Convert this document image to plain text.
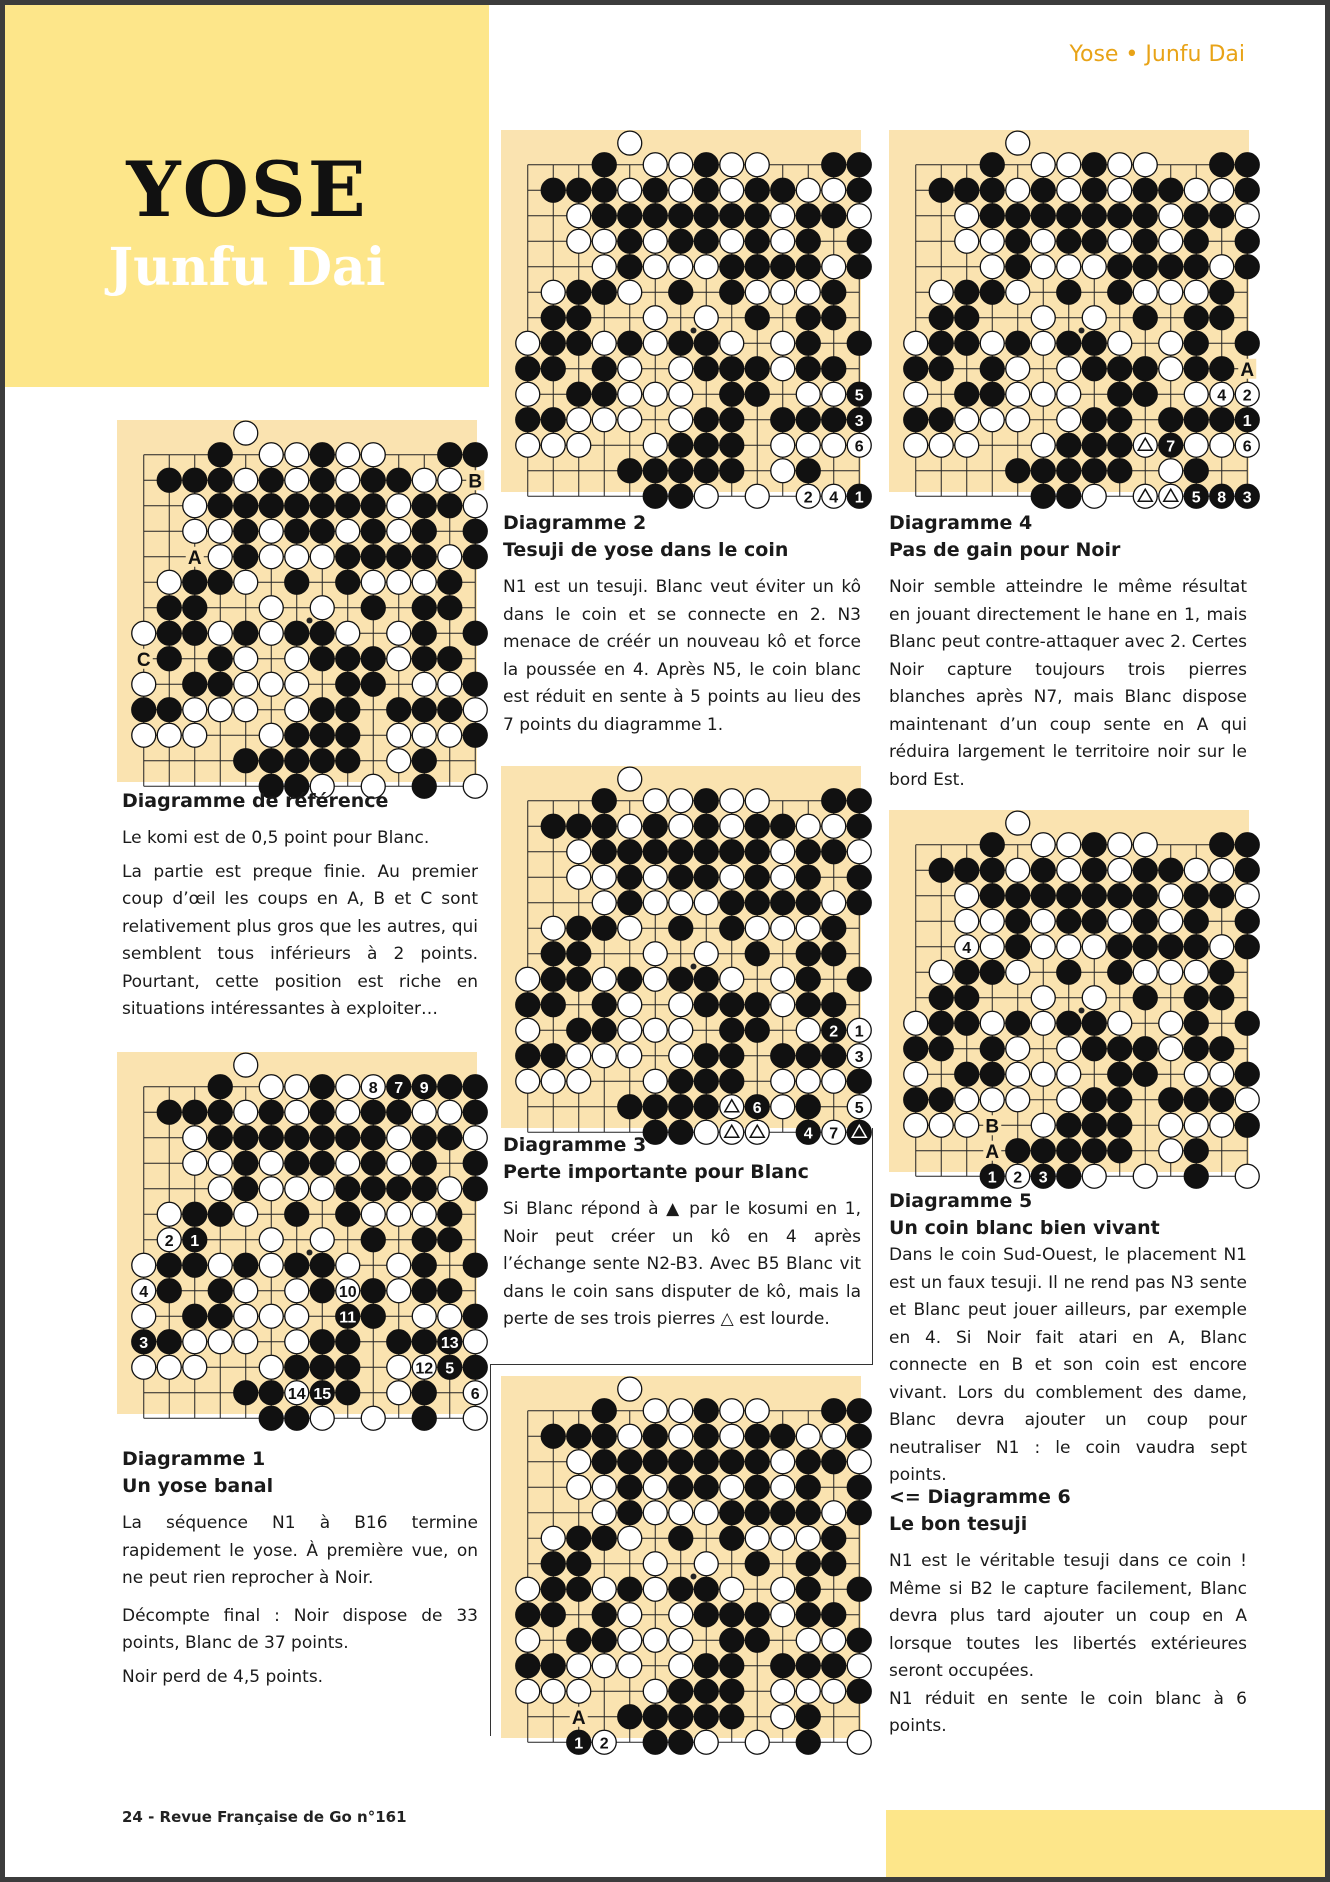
YOSE
Junfu Dai
Yose • Junfu Dai
B
A
C
8 7 9
2 1
4	10
11
3	13
12 5
14 15	6
5
3
6
2 4 1
2 1
3
6	5
4 7
A
1 2
A
4 2
1
7	6
5 8 3
4
B
A
1 2 3
Diagramme de référence

Le komi est de 0,5 point pour Blanc.

La partie est preque finie. Au premier coup d’œil les coups en A, B et C sont relativement plus gros que les autres, qui semblent tous inférieurs à 2 points. Pourtant, cette position est riche en situations intéressantes à exploiter…

Diagramme 1
Un yose banal

La séquence N1 à B16 termine rapidement le yose. À première vue, on ne peut rien reprocher à Noir.

Décompte final : Noir dispose de 33 points, Blanc de 37 points.

Noir perd de 4,5 points.

Diagramme 2
Tesuji de yose dans le coin

N1 est un tesuji. Blanc veut éviter un kô dans le coin et se connecte en 2. N3 menace de créér un nouveau kô et force la poussée en 4. Après N5, le coin blanc est réduit en sente à 5 points au lieu des 7 points du diagramme 1.

Diagramme 3
Perte importante pour Blanc

Si Blanc répond à ▲ par le kosumi en 1, Noir peut créer un kô en 4 après l’échange sente N2-B3. Avec B5 Blanc vit dans le coin sans disputer de kô, mais la perte de ses trois pierres △ est lourde.

Diagramme 4
Pas de gain pour Noir

Noir semble atteindre le même résultat en jouant directement le hane en 1, mais Blanc peut contre-attaquer avec 2. Certes Noir capture toujours trois pierres blanches après N7, mais Blanc dispose maintenant d’un coup sente en A qui réduira largement le territoire noir sur le bord Est.

Diagramme 5
Un coin blanc bien vivant

Dans le coin Sud-Ouest, le placement N1 est un faux tesuji. Il ne rend pas N3 sente et Blanc peut jouer ailleurs, par exemple en 4. Si Noir fait atari en A, Blanc connecte en B et son coin est encore vivant. Lors du comblement des dame, Blanc devra ajouter un coup pour neutraliser N1 : le coin vaudra sept points.

<= Diagramme 6
Le bon tesuji

N1 est le véritable tesuji dans ce coin ! Même si B2 le capture facilement, Blanc devra plus tard ajouter un coup en A lorsque toutes les libertés extérieures seront occupées.

N1 réduit en sente le coin blanc à 6 points.

24 - Revue Française de Go n°161
